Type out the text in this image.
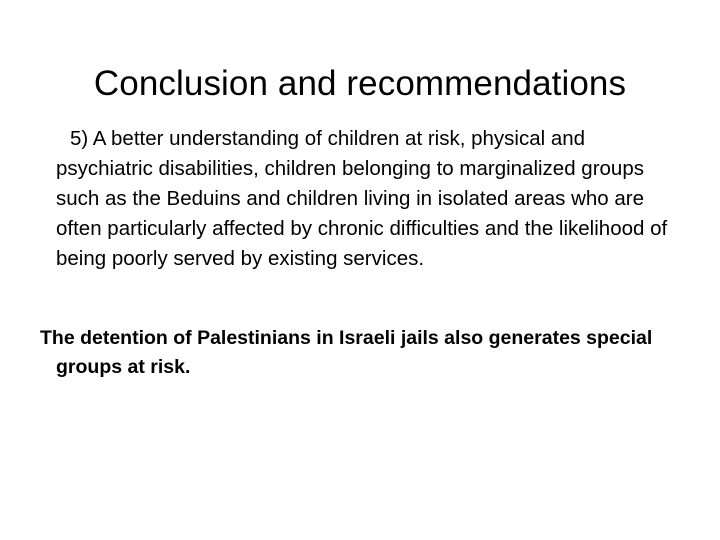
Conclusion and recommendations

5) A better understanding of children at risk, physical and psychiatric disabilities, children belonging to marginalized groups such as the Beduins and children living in isolated areas who are often particularly affected by chronic difficulties and the likelihood of being poorly served by existing services.

The detention of Palestinians in Israeli jails also generates special groups at risk.
